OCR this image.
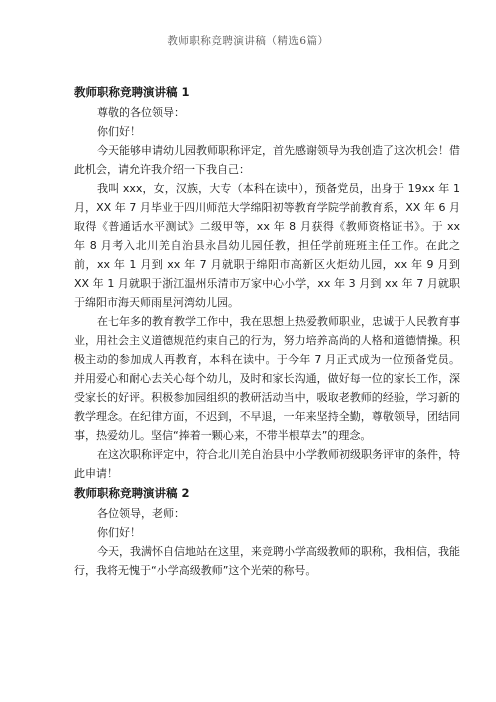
教师职称竞聘演讲稿（精选6篇）

教师职称竞聘演讲稿 1

尊敬的各位领导：

你们好！

今天能够申请幼儿园教师职称评定，首先感谢领导为我创造了这次机会！借此机会，请允许我介绍一下我自己：

我叫 xxx，女，汉族，大专（本科在读中），预备党员，出身于 19xx 年 1 月，XX 年 7 月毕业于四川师范大学绵阳初等教育学院学前教育系，XX 年 6 月取得《普通话水平测试》二级甲等，xx 年 8 月获得《教师资格证书》。于 xx 年 8 月考入北川羌自治县永昌幼儿园任教，担任学前班班主任工作。在此之前，xx 年 1 月到 xx 年 7 月就职于绵阳市高新区火炬幼儿园，xx 年 9 月到 XX 年 1 月就职于浙江温州乐清市万家中心小学，xx 年 3 月到 xx 年 7 月就职于绵阳市海天师雨星河湾幼儿园。

在七年多的教育教学工作中，我在思想上热爱教师职业，忠诚于人民教育事业，用社会主义道德规范约束自己的行为，努力培养高尚的人格和道德情操。积极主动的参加成人再教育，本科在读中。于今年 7 月正式成为一位预备党员。并用爱心和耐心去关心每个幼儿，及时和家长沟通，做好每一位的家长工作，深受家长的好评。积极参加园组织的教研活动当中，吸取老教师的经验，学习新的教学理念。在纪律方面，不迟到，不早退，一年来坚持全勤，尊敬领导，团结同事，热爱幼儿。坚信“捧着一颗心来，不带半根草去”的理念。

在这次职称评定中，符合北川羌自治县中小学教师初级职务评审的条件，特此申请！

教师职称竞聘演讲稿 2

各位领导，老师：

你们好！

今天，我满怀自信地站在这里，来竞聘小学高级教师的职称，我相信，我能行，我将无愧于“小学高级教师”这个光荣的称号。
